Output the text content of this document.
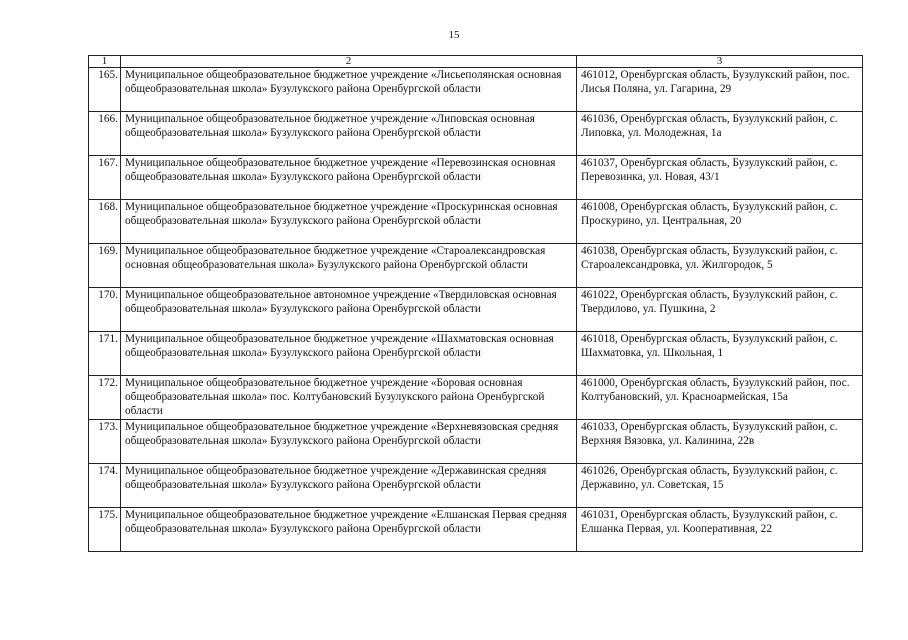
15
1	2	3
165.	Муниципальное общеобразовательное бюджетное учреждение «Лисьеполянская основная общеобразовательная школа» Бузулукского района Оренбургской области	461012, Оренбургская область, Бузулукский район, пос. Лисья Поляна, ул. Гагарина, 29
166.	Муниципальное общеобразовательное бюджетное учреждение «Липовская основная общеобразовательная школа» Бузулукского района Оренбургской области	461036, Оренбургская область, Бузулукский район, с. Липовка, ул. Молодежная, 1а
167.	Муниципальное общеобразовательное бюджетное учреждение «Перевозинская основная общеобразовательная школа» Бузулукского района Оренбургской области	461037, Оренбургская область, Бузулукский район, с. Перевозинка, ул. Новая, 43/1
168.	Муниципальное общеобразовательное бюджетное учреждение «Проскуринская основная общеобразовательная школа» Бузулукского района Оренбургской области	461008, Оренбургская область, Бузулукский район, с. Проскурино, ул. Центральная, 20
169.	Муниципальное общеобразовательное бюджетное учреждение «Староалександровская основная общеобразовательная школа» Бузулукского района Оренбургской области	461038, Оренбургская область, Бузулукский район, с. Староалександровка, ул. Жилгородок, 5
170.	Муниципальное общеобразовательное автономное учреждение «Твердиловская основная общеобразовательная школа» Бузулукского района Оренбургской области	461022, Оренбургская область, Бузулукский район, с. Твердилово, ул. Пушкина, 2
171.	Муниципальное общеобразовательное бюджетное учреждение «Шахматовская основная общеобразовательная школа» Бузулукского района Оренбургской области	461018, Оренбургская область, Бузулукский район, с. Шахматовка, ул. Школьная, 1
172.	Муниципальное общеобразовательное бюджетное учреждение «Боровая основная общеобразовательная школа» пос. Колтубановский Бузулукского района Оренбургской области	461000, Оренбургская область, Бузулукский район, пос. Колтубановский, ул. Красноармейская, 15а
173.	Муниципальное общеобразовательное бюджетное учреждение «Верхневязовская средняя общеобразовательная школа» Бузулукского района Оренбургской области	461033, Оренбургская область, Бузулукский район, с. Верхняя Вязовка, ул. Калинина, 22в
174.	Муниципальное общеобразовательное бюджетное учреждение «Державинская средняя общеобразовательная школа» Бузулукского района Оренбургской области	461026, Оренбургская область, Бузулукский район, с. Державино, ул. Советская, 15
175.	Муниципальное общеобразовательное бюджетное учреждение «Елшанская Первая средняя общеобразовательная школа» Бузулукского района Оренбургской области	461031, Оренбургская область, Бузулукский район, с. Елшанка Первая, ул. Кооперативная, 22
